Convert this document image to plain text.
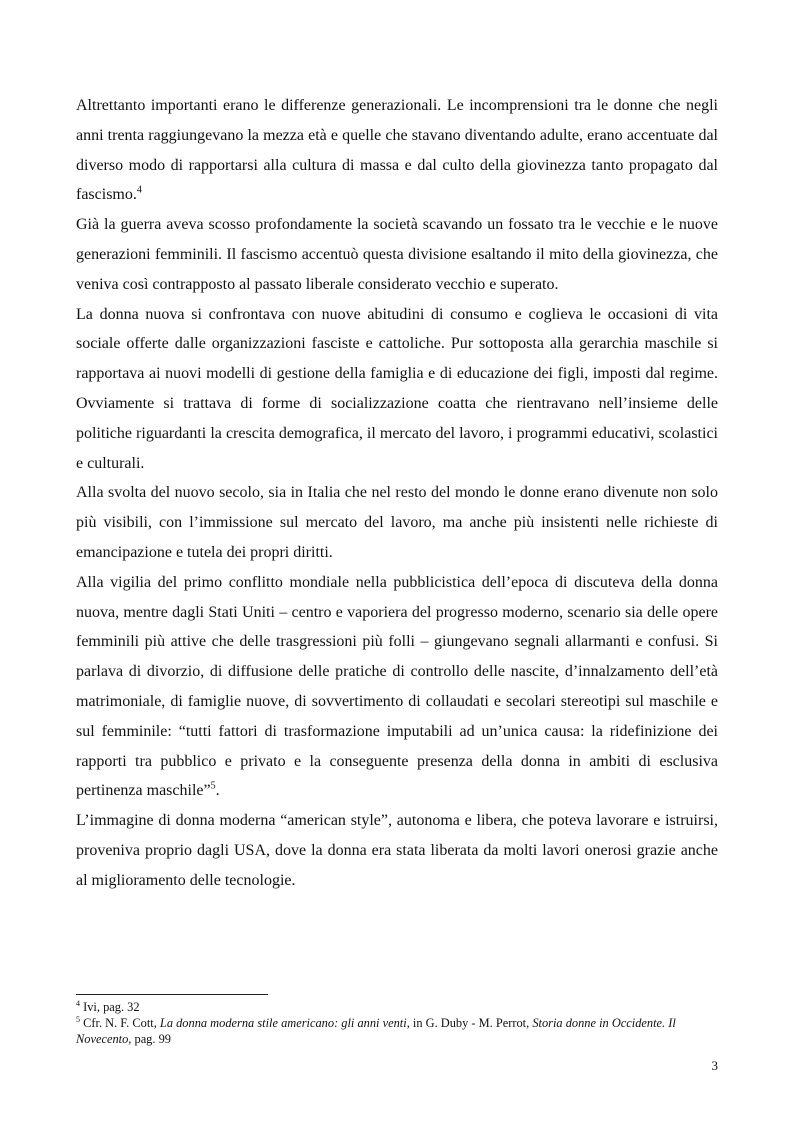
Altrettanto importanti erano le differenze generazionali. Le incomprensioni tra le donne che negli anni trenta raggiungevano la mezza età e quelle che stavano diventando adulte, erano accentuate dal diverso modo di rapportarsi alla cultura di massa e dal culto della giovinezza tanto propagato dal fascismo.$^4$

Già la guerra aveva scosso profondamente la società scavando un fossato tra le vecchie e le nuove generazioni femminili. Il fascismo accentuò questa divisione esaltando il mito della giovinezza, che veniva così contrapposto al passato liberale considerato vecchio e superato.

La donna nuova si confrontava con nuove abitudini di consumo e coglieva le occasioni di vita sociale offerte dalle organizzazioni fasciste e cattoliche. Pur sottoposta alla gerarchia maschile si rapportava ai nuovi modelli di gestione della famiglia e di educazione dei figli, imposti dal regime. Ovviamente si trattava di forme di socializzazione coatta che rientravano nell’insieme delle politiche riguardanti la crescita demografica, il mercato del lavoro, i programmi educativi, scolastici e culturali.

Alla svolta del nuovo secolo, sia in Italia che nel resto del mondo le donne erano divenute non solo più visibili, con l’immissione sul mercato del lavoro, ma anche più insistenti nelle richieste di emancipazione e tutela dei propri diritti.

Alla vigilia del primo conflitto mondiale nella pubblicistica dell’epoca di discuteva della donna nuova, mentre dagli Stati Uniti – centro e vaporiera del progresso moderno, scenario sia delle opere femminili più attive che delle trasgressioni più folli – giungevano segnali allarmanti e confusi. Si parlava di divorzio, di diffusione delle pratiche di controllo delle nascite, d’innalzamento dell’età matrimoniale, di famiglie nuove, di sovvertimento di collaudati e secolari stereotipi sul maschile e sul femminile: “tutti fattori di trasformazione imputabili ad un’unica causa: la ridefinizione dei rapporti tra pubblico e privato e la conseguente presenza della donna in ambiti di esclusiva pertinenza maschile”$^5$.

L’immagine di donna moderna “american style”, autonoma e libera, che poteva lavorare e istruirsi, proveniva proprio dagli USA, dove la donna era stata liberata da molti lavori onerosi grazie anche al miglioramento delle tecnologie.

$^4$ Ivi, pag. 32

$^5$ Cfr. N. F. Cott, La donna moderna stile americano: gli anni venti, in G. Duby - M. Perrot, Storia donne in Occidente. Il Novecento, pag. 99

3
